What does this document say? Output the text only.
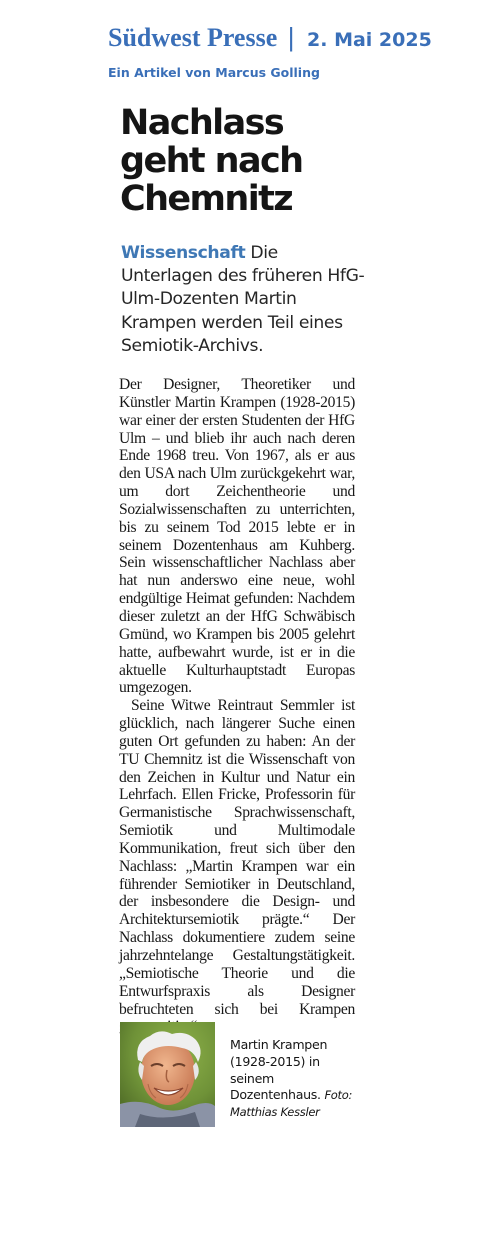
Südwest Presse | 2. Mai 2025
Ein Artikel von Marcus Golling
Nachlass
geht nach
Chemnitz
Wissenschaft Die Unterlagen des früheren HfG-Ulm-Dozenten Martin Krampen werden Teil eines Semiotik-Archivs.

Der Designer, Theoretiker und Künstler Martin Krampen (1928-2015) war einer der ersten Studenten der HfG Ulm – und blieb ihr auch nach deren Ende 1968 treu. Von 1967, als er aus den USA nach Ulm zurückgekehrt war, um dort Zeichentheorie und Sozialwissenschaften zu unterrichten, bis zu seinem Tod 2015 lebte er in seinem Dozentenhaus am Kuhberg. Sein wissenschaftlicher Nachlass aber hat nun anderswo eine neue, wohl endgültige Heimat gefunden: Nachdem dieser zuletzt an der HfG Schwäbisch Gmünd, wo Krampen bis 2005 gelehrt hatte, aufbewahrt wurde, ist er in die aktuelle Kulturhauptstadt Europas umgezogen.

Seine Witwe Reintraut Semmler ist glücklich, nach längerer Suche einen guten Ort gefunden zu haben: An der TU Chemnitz ist die Wissenschaft von den Zeichen in Kultur und Natur ein Lehrfach. Ellen Fricke, Professorin für Germanistische Sprachwissenschaft, Semiotik und Multimodale Kommunikation, freut sich über den Nachlass: „Martin Krampen war ein führender Semiotiker in Deutschland, der insbesondere die Design- und Architektursemiotik prägte.“ Der Nachlass dokumentiere zudem seine jahrzehntelange Gestaltungstätigkeit. „Semiotische Theorie und die Entwurfspraxis als Designer befruchteten sich bei Krampen

Martin Krampen (1928-2015) in seinem Dozentenhaus. Foto: Matthias Kessler
